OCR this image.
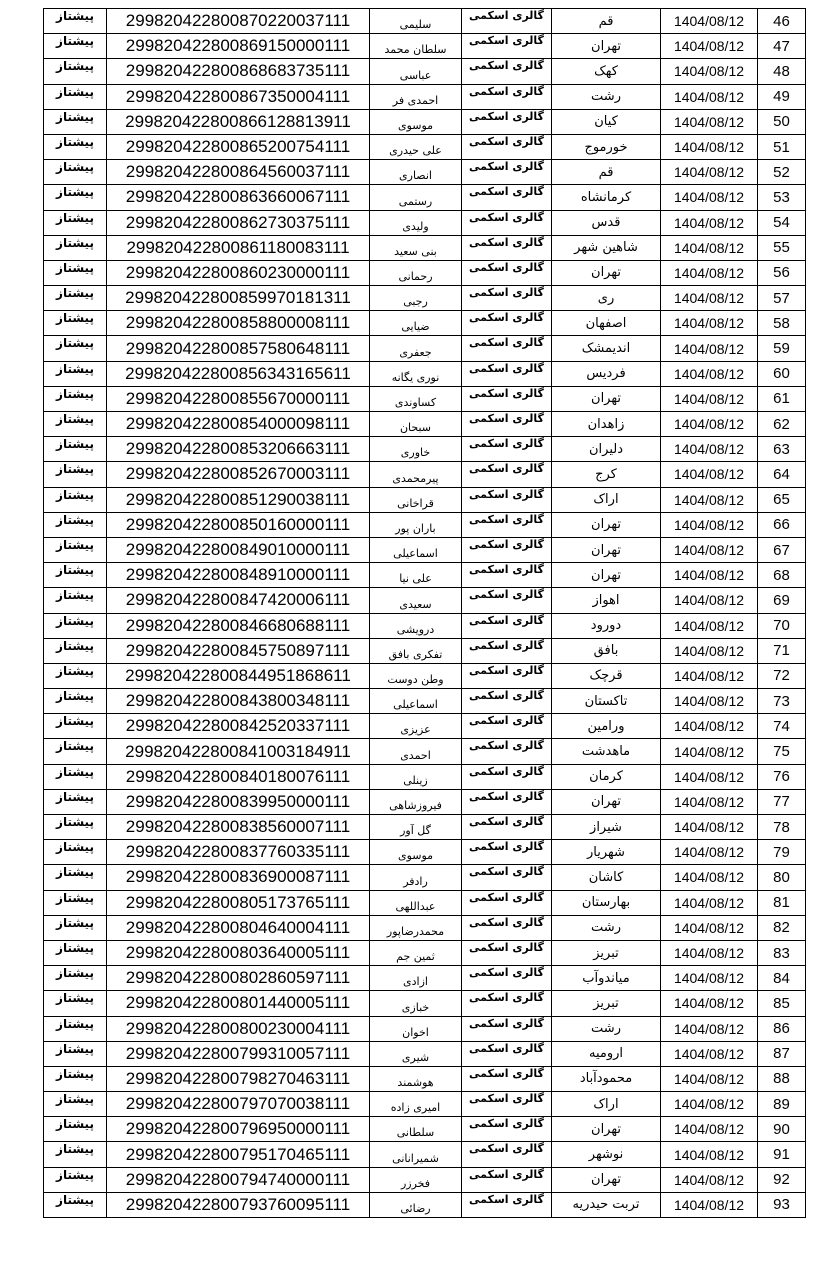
46	1404/08/12	قم	گالری اسکمی	سلیمی	299820422800870220037111	پیشتاز
47	1404/08/12	تهران	گالری اسکمی	سلطان محمد	299820422800869150000111	پیشتاز
48	1404/08/12	کهک	گالری اسکمی	عباسی	299820422800868683735111	پیشتاز
49	1404/08/12	رشت	گالری اسکمی	احمدی فر	299820422800867350004111	پیشتاز
50	1404/08/12	کیان	گالری اسکمی	موسوی	299820422800866128813911	پیشتاز
51	1404/08/12	خورموج	گالری اسکمی	علی حیدری	299820422800865200754111	پیشتاز
52	1404/08/12	قم	گالری اسکمی	انصاری	299820422800864560037111	پیشتاز
53	1404/08/12	کرمانشاه	گالری اسکمی	رستمی	299820422800863660067111	پیشتاز
54	1404/08/12	قدس	گالری اسکمی	ولیدی	299820422800862730375111	پیشتاز
55	1404/08/12	شاهین شهر	گالری اسکمی	بنی سعید	299820422800861180083111	پیشتاز
56	1404/08/12	تهران	گالری اسکمی	رحمانی	299820422800860230000111	پیشتاز
57	1404/08/12	ری	گالری اسکمی	رجبی	299820422800859970181311	پیشتاز
58	1404/08/12	اصفهان	گالری اسکمی	ضیایی	299820422800858800008111	پیشتاز
59	1404/08/12	اندیمشک	گالری اسکمی	جعفری	299820422800857580648111	پیشتاز
60	1404/08/12	فردیس	گالری اسکمی	نوری یگانه	299820422800856343165611	پیشتاز
61	1404/08/12	تهران	گالری اسکمی	کساوندی	299820422800855670000111	پیشتاز
62	1404/08/12	زاهدان	گالری اسکمی	سبحان	299820422800854000098111	پیشتاز
63	1404/08/12	دلیران	گالری اسکمی	خاوری	299820422800853206663111	پیشتاز
64	1404/08/12	کرج	گالری اسکمی	پیرمحمدی	299820422800852670003111	پیشتاز
65	1404/08/12	اراک	گالری اسکمی	قراخانی	299820422800851290038111	پیشتاز
66	1404/08/12	تهران	گالری اسکمی	باران پور	299820422800850160000111	پیشتاز
67	1404/08/12	تهران	گالری اسکمی	اسماعیلی	299820422800849010000111	پیشتاز
68	1404/08/12	تهران	گالری اسکمی	علی نیا	299820422800848910000111	پیشتاز
69	1404/08/12	اهواز	گالری اسکمی	سعیدی	299820422800847420006111	پیشتاز
70	1404/08/12	دورود	گالری اسکمی	درویشی	299820422800846680688111	پیشتاز
71	1404/08/12	بافق	گالری اسکمی	تفکری بافق	299820422800845750897111	پیشتاز
72	1404/08/12	قرچک	گالری اسکمی	وطن دوست	299820422800844951868611	پیشتاز
73	1404/08/12	تاکستان	گالری اسکمی	اسماعیلی	299820422800843800348111	پیشتاز
74	1404/08/12	ورامین	گالری اسکمی	عزیزی	299820422800842520337111	پیشتاز
75	1404/08/12	ماهدشت	گالری اسکمی	احمدی	299820422800841003184911	پیشتاز
76	1404/08/12	کرمان	گالری اسکمی	زینلی	299820422800840180076111	پیشتاز
77	1404/08/12	تهران	گالری اسکمی	فیروزشاهی	299820422800839950000111	پیشتاز
78	1404/08/12	شیراز	گالری اسکمی	گل آور	299820422800838560007111	پیشتاز
79	1404/08/12	شهریار	گالری اسکمی	موسوی	299820422800837760335111	پیشتاز
80	1404/08/12	کاشان	گالری اسکمی	رادفر	299820422800836900087111	پیشتاز
81	1404/08/12	بهارستان	گالری اسکمی	عبداللهی	299820422800805173765111	پیشتاز
82	1404/08/12	رشت	گالری اسکمی	محمدرضاپور	299820422800804640004111	پیشتاز
83	1404/08/12	تبریز	گالری اسکمی	ثمین جم	299820422800803640005111	پیشتاز
84	1404/08/12	میاندوآب	گالری اسکمی	ازادی	299820422800802860597111	پیشتاز
85	1404/08/12	تبریز	گالری اسکمی	خبازی	299820422800801440005111	پیشتاز
86	1404/08/12	رشت	گالری اسکمی	اخوان	299820422800800230004111	پیشتاز
87	1404/08/12	ارومیه	گالری اسکمی	شیری	299820422800799310057111	پیشتاز
88	1404/08/12	محمودآباد	گالری اسکمی	هوشمند	299820422800798270463111	پیشتاز
89	1404/08/12	اراک	گالری اسکمی	امیری زاده	299820422800797070038111	پیشتاز
90	1404/08/12	تهران	گالری اسکمی	سلطانی	299820422800796950000111	پیشتاز
91	1404/08/12	نوشهر	گالری اسکمی	شمیرانانی	299820422800795170465111	پیشتاز
92	1404/08/12	تهران	گالری اسکمی	فخرزر	299820422800794740000111	پیشتاز
93	1404/08/12	تربت حیدریه	گالری اسکمی	رضائی	299820422800793760095111	پیشتاز
